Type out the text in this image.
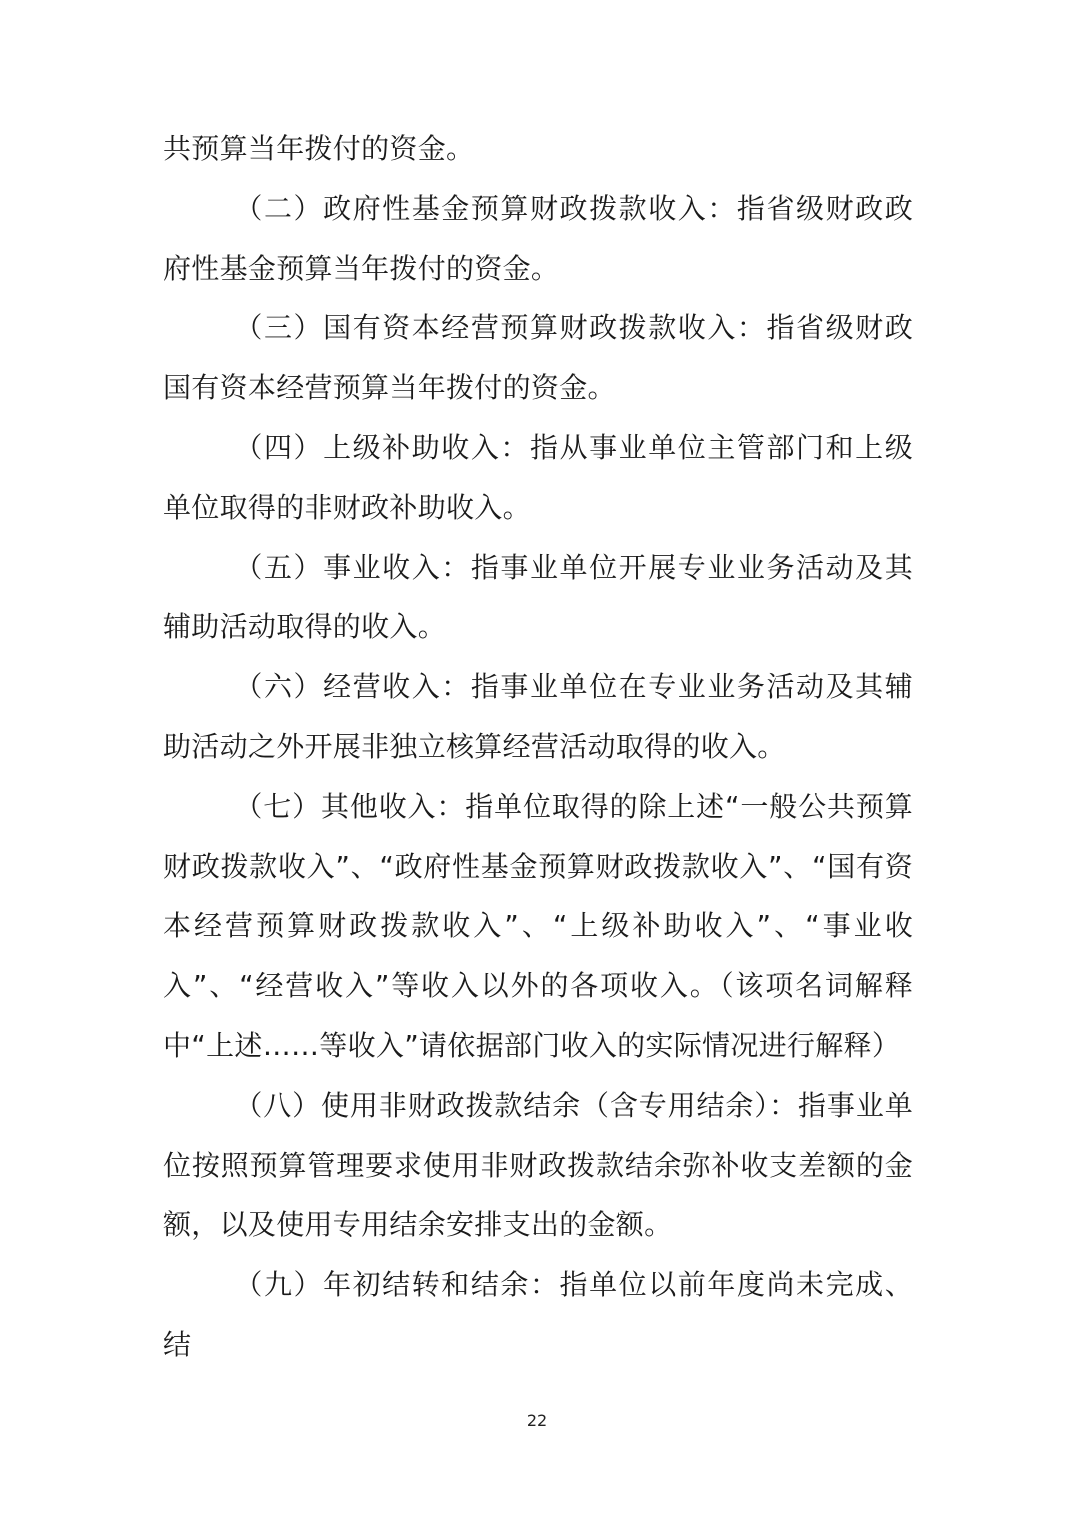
共预算当年拨付的资金。

（二）政府性基金预算财政拨款收入：指省级财政政府性基金预算当年拨付的资金。

（三）国有资本经营预算财政拨款收入：指省级财政国有资本经营预算当年拨付的资金。

（四）上级补助收入：指从事业单位主管部门和上级单位取得的非财政补助收入。

（五）事业收入：指事业单位开展专业业务活动及其辅助活动取得的收入。

（六）经营收入：指事业单位在专业业务活动及其辅助活动之外开展非独立核算经营活动取得的收入。

（七）其他收入：指单位取得的除上述“一般公共预算财政拨款收入”、“政府性基金预算财政拨款收入”、“国有资本经营预算财政拨款收入”、“上级补助收入”、“事业收入”、“经营收入”等收入以外的各项收入。（该项名词解释中“上述……等收入”请依据部门收入的实际情况进行解释）

（八）使用非财政拨款结余（含专用结余）：指事业单位按照预算管理要求使用非财政拨款结余弥补收支差额的金额，以及使用专用结余安排支出的金额。

（九）年初结转和结余：指单位以前年度尚未完成、结

22
